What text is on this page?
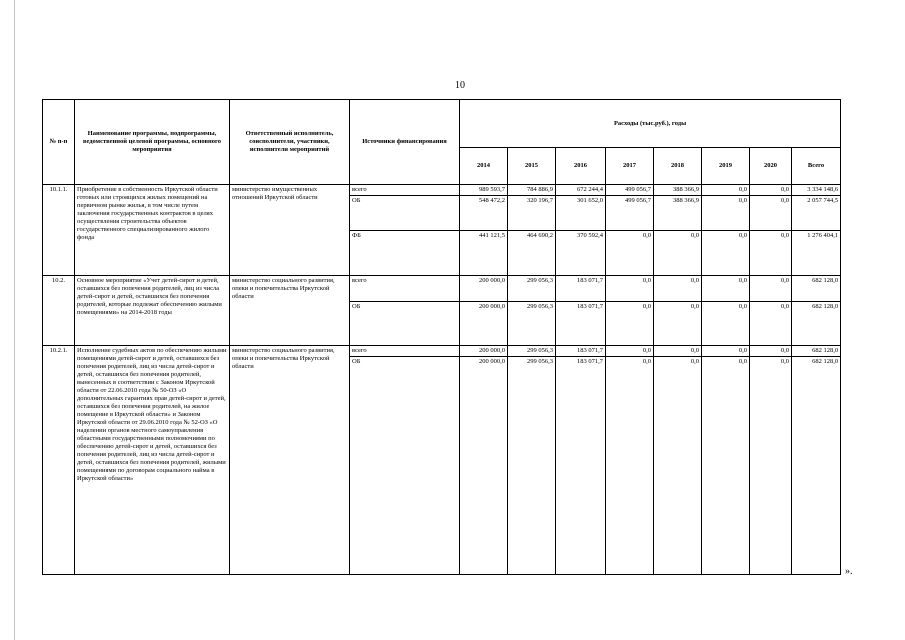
10
№ п-п	Наименование программы, подпрограммы, ведомственной целевой программы, основного мероприятия	Ответственный исполнитель, соисполнители, участники, исполнители мероприятий	Источники финансирования	Расходы (тыс.руб.), годы							
				2014	2015	2016	2017	2018	2019	2020	Всего
10.1.1.	Приобретение в собственность Иркутской области готовых или строящихся жилых помещений на первичном рынке жилья, в том числе путем заключения государственных контрактов в целях осуществления строительства объектов государственного специализированного жилого фонда	министерство имущественных отношений Иркутской области	всего	989 593,7	784 886,9	672 244,4	499 056,7	388 366,9	0,0	0,0	3 334 148,6
			ОБ	548 472,2	320 196,7	301 652,0	499 056,7	388 366,9	0,0	0,0	2 057 744,5
			ФБ	441 121,5	464 690,2	370 592,4	0,0	0,0	0,0	0,0	1 276 404,1
10.2.	Основное мероприятие «Учет детей-сирот и детей, оставшихся без попечения родителей, лиц из числа детей-сирот и детей, оставшихся без попечения родителей, которые подлежат обеспечению жилыми помещениями» на 2014-2018 годы	министерство социального развития, опеки и попечительства Иркутской области	всего	200 000,0	299 056,3	183 071,7	0,0	0,0	0,0	0,0	682 128,0
			ОБ	200 000,0	299 056,3	183 071,7	0,0	0,0	0,0	0,0	682 128,0
10.2.1.	Исполнение судебных актов по обеспечению жилыми помещениями детей-сирот и детей, оставшихся без попечения родителей, лиц из числа детей-сирот и детей, оставшихся без попечения родителей, вынесенных в соответствии с Законом Иркутской области от 22.06.2010 года № 50-ОЗ «О дополнительных гарантиях прав детей-сирот и детей, оставшихся без попечения родителей, на жилое помещение в Иркутской области» и Законом Иркутской области от 29.06.2010 года № 52-ОЗ «О наделении органов местного самоуправления областными государственными полномочиями по обеспечению детей-сирот и детей, оставшихся без попечения родителей, лиц из числа детей-сирот и детей, оставшихся без попечения родителей, жилыми помещениями по договорам социального найма в Иркутской области»	министерство социального развития, опеки и попечительства Иркутской области	всего	200 000,0	299 056,3	183 071,7	0,0	0,0	0,0	0,0	682 128,0
			ОБ	200 000,0	299 056,3	183 071,7	0,0	0,0	0,0	0,0	682 128,0
».
